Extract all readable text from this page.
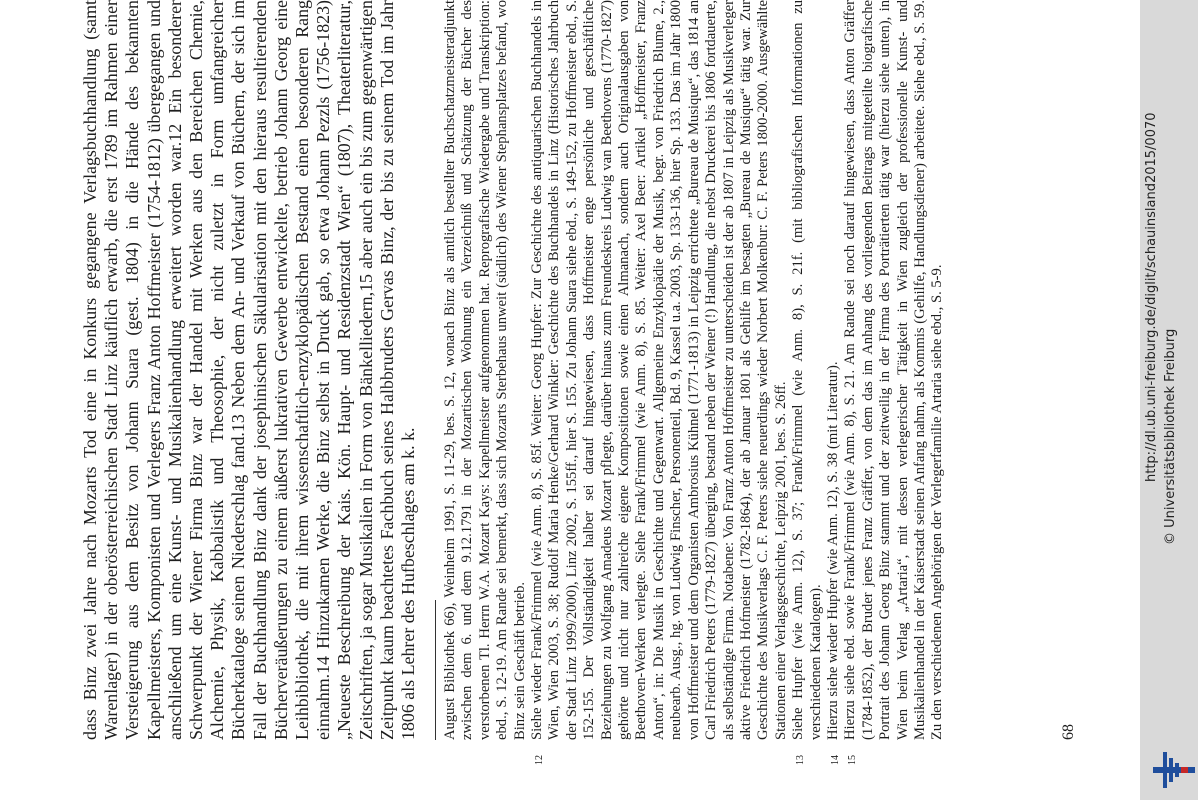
dass Binz zwei Jahre nach Mozarts Tod eine in Konkurs gegangene Verlagsbuchhandlung (samt Warenlager) in der oberösterreichischen Stadt Linz käuflich erwarb, die erst 1789 im Rahmen einer Versteigerung aus dem Besitz von Johann Suara (gest. 1804) in die Hände des bekannten Kapellmeisters, Komponisten und Verlegers Franz Anton Hoffmeister (1754-1812) übergegangen und anschließend um eine Kunst- und Musikalienhandlung erweitert worden war.12 Ein besonderer Schwerpunkt der Wiener Firma Binz war der Handel mit Werken aus den Bereichen Chemie, Alchemie, Physik, Kabbalistik und Theosophie, der nicht zuletzt in Form umfangreicher Bücherkataloge seinen Niederschlag fand.13 Neben dem An- und Verkauf von Büchern, der sich im Fall der Buchhandlung Binz dank der josephinischen Säkularisation mit den hieraus resultierenden Bücherveräußerungen zu einem äußerst lukrativen Gewerbe entwickelte, betrieb Johann Georg eine Leihbibliothek, die mit ihrem wissenschaftlich-enzyklopädischen Bestand einen besonderen Rang einnahm.14 Hinzukamen Werke, die Binz selbst in Druck gab, so etwa Johann Pezzls (1756-1823) „Neueste Beschreibung der Kais. Kön. Haupt- und Residenzstadt Wien“ (1807), Theaterliteratur, Zeitschriften, ja sogar Musikalien in Form von Bänkelliedern,15 aber auch ein bis zum gegenwärtigen Zeitpunkt kaum beachtetes Fachbuch seines Halbbruders Gervas Binz, der bis zu seinem Tod im Jahr 1806 als Lehrer des Hufbeschlages am k. k. August Bibliothek 66), Weinheim 1991, S. 11-29, bes. S. 12, wonach Binz als amtlich bestellter Buchschatzmeisteradjunkt zwischen dem 6. und dem 9.12.1791 in der Mozartischen Wohnung ein Verzeichniß und Schätzung der Bücher des verstorbenen Tl. Herrn W.A. Mozart Kays: Kapellmeister aufgenommen hat. Reprografische Wiedergabe und Transkription: ebd., S. 12-19. Am Rande sei bemerkt, dass sich Mozarts Sterbehaus unweit (südlich) des Wiener Stephansplatzes befand, wo Binz sein Geschäft betrieb.

12
Siehe wieder Frank/Frimmel (wie Anm. 8), S. 85f. Weiter: Georg Hupfer: Zur Geschichte des antiquarischen Buchhandels in Wien, Wien 2003, S. 38; Rudolf Maria Henke/Gerhard Winkler: Geschichte des Buchhandels in Linz (Historisches Jahrbuch der Stadt Linz 1999/2000), Linz 2002, S. 155ff., hier S. 155. Zu Johann Suara siehe ebd., S. 149-152, zu Hoffmeister ebd., S. 152-155. Der Vollständigkeit halber sei darauf hingewiesen, dass Hoffmeister enge persönliche und geschäftliche Beziehungen zu Wolfgang Amadeus Mozart pflegte, darüber hinaus zum Freundeskreis Ludwig van Beethovens (1770-1827) gehörte und nicht nur zahlreiche eigene Kompositionen sowie einen Almanach, sondern auch Originalausgaben von Beethoven-Werken verlegte. Siehe Frank/Frimmel (wie Anm. 8), S. 85. Weiter: Axel Beer: Artikel „Hoffmeister, Franz Anton“, in: Die Musik in Geschichte und Gegenwart. Allgemeine Enzyklopädie der Musik, begr. von Friedrich Blume, 2., neubearb. Ausg., hg. von Ludwig Finscher, Personenteil, Bd. 9, Kassel u.a. 2003, Sp. 133-136, hier Sp. 133. Das im Jahr 1800 von Hoffmeister und dem Organisten Ambrosius Kühnel (1771-1813) in Leipzig errichtete „Bureau de Musique“, das 1814 an Carl Friedrich Peters (1779-1827) überging, bestand neben der Wiener (!) Handlung, die nebst Druckerei bis 1806 fortdauerte, als selbständige Firma. Notabene: Von Franz Anton Hoffmeister zu unterscheiden ist der ab 1807 in Leipzig als Musikverleger aktive Friedrich Hofmeister (1782-1864), der ab Januar 1801 als Gehilfe im besagten „Bureau de Musique“ tätig war. Zur Geschichte des Musikverlags C. F. Peters siehe neuerdings wieder Norbert Molkenbur: C. F. Peters 1800-2000. Ausgewählte Stationen einer Verlagsgeschichte, Leipzig 2001, bes. S. 26ff.

13
Siehe Hupfer (wie Anm. 12), S. 37; Frank/Frimmel (wie Anm. 8), S. 21f. (mit bibliografischen Informationen zu verschiedenen Katalogen).

14
Hierzu siehe wieder Hupfer (wie Anm. 12), S. 38 (mit Literatur).

15
Hierzu siehe ebd. sowie Frank/Frimmel (wie Anm. 8), S. 21. Am Rande sei noch darauf hingewiesen, dass Anton Gräffer (1784-1852), der Bruder jenes Franz Gräffer, von dem das im Anhang des vorliegenden Beitrags mitgeteilte biografische Portrait des Johann Georg Binz stammt und der zeitweilig in der Firma des Porträtierten tätig war (hierzu siehe unten), in Wien beim Verlag „Artaria“, mit dessen verlegerischer Tätigkeit in Wien zugleich der professionelle Kunst- und Musikalienhandel in der Kaiserstadt seinen Anfang nahm, als Kommis (Gehilfe, Handlungsdiener) arbeitete. Siehe ebd., S. 59. Zu den verschiedenen Angehörigen der Verlegerfamilie Artaria siehe ebd., S. 5-9.	68
http://dl.ub.uni-freiburg.de/diglit/schauinsland2015/0070 © Universitätsbibliothek Freiburg
